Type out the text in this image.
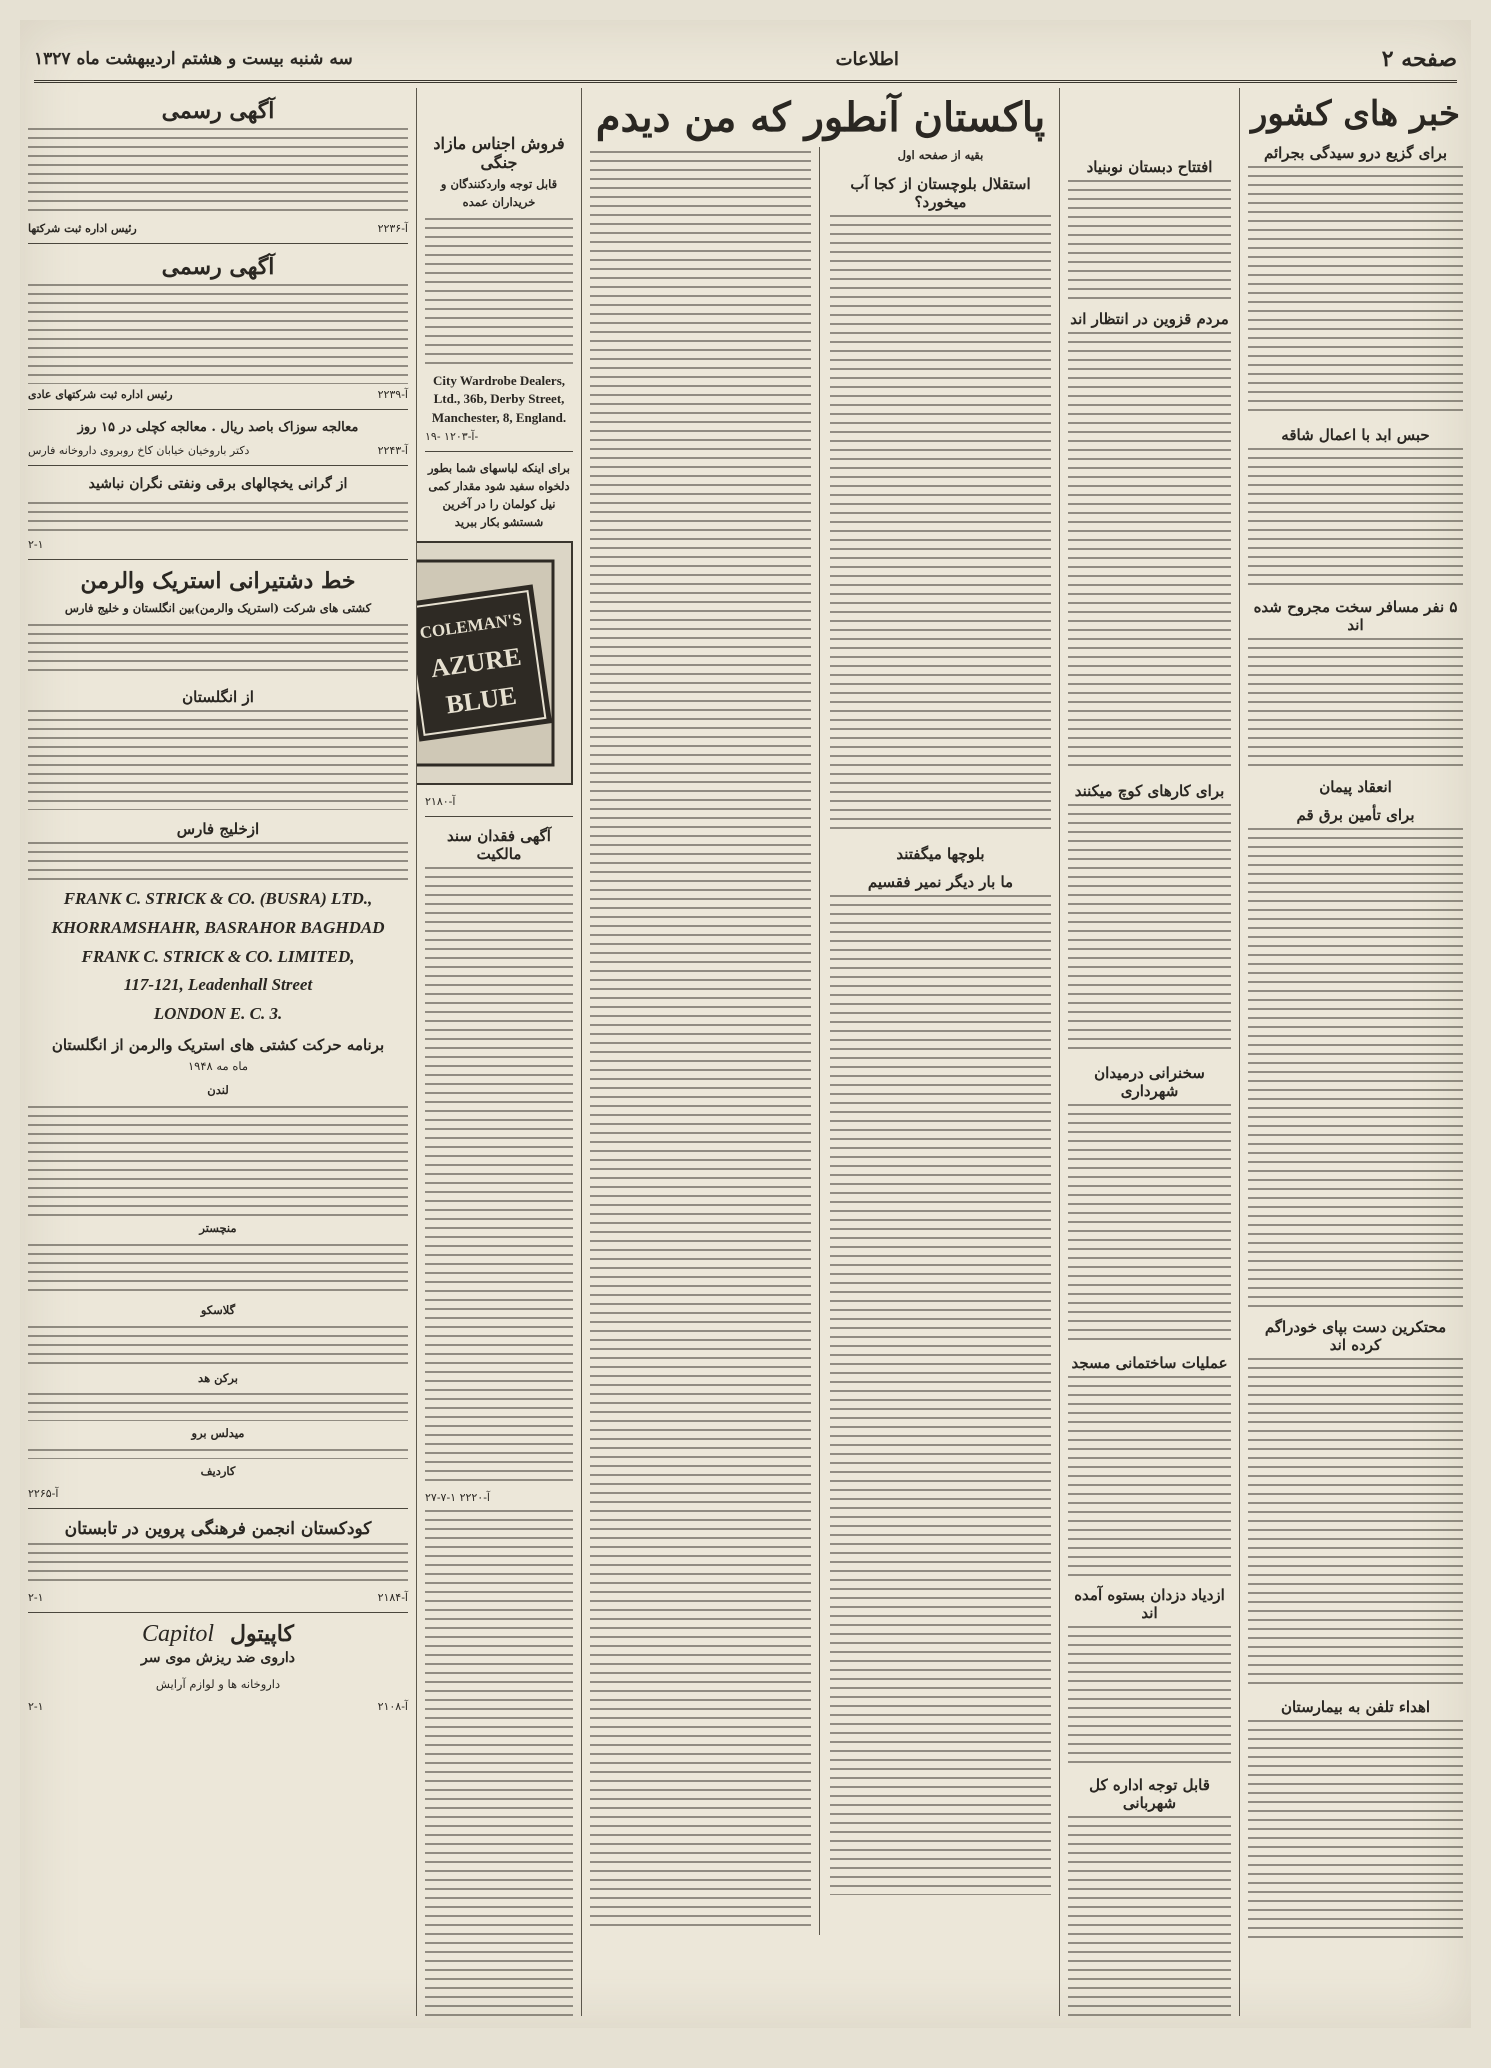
صفحه ۲
اطلاعات
سه شنبه بیست و هشتم اردیبهشت ماه ۱۳۲۷
خبر های کشور
برای گزیع درو سیدگی بجرائم
حبس ابد با اعمال شاقه
۵ نفر مسافر سخت مجروح شده اند
انعقاد پیمان
برای تأمین برق قم
محتکرین دست بپای خودراگم کرده اند
اهداء تلفن به بیمارستان
افتتاح دبستان نوبنیاد
مردم قزوین در انتظار اند
برای کارهای کوچ میکنند
سخنرانی درمیدان شهرداری
عملیات ساختمانی مسجد
ازدیاد دزدان بستوه آمده اند
قابل توجه اداره کل شهربانی
پاکستان آنطور که من دیدم
بقیه از صفحه اول
استقلال بلوچستان از کجا آب میخورد؟
بلوچها میگفتند
ما بار دیگر نمیر فقسیم
فروش اجناس مازاد جنگی
قابل توجه واردکنندگان و خریداران عمده
City Wardrobe Dealers, Ltd., 36b, Derby Street, Manchester, 8, England.
آ-۱۲۰۳ -۱۹-
برای اینکه لباسهای شما بطور دلخواه سفید شود مقدار کمی نیل کولمان را در آخرین شستشو بکار ببرید
COLEMAN'S
AZURE
BLUE
آ-۲۱۸۰
آگهی فقدان سند مالکیت
۲۷-۷-۱ آ-۲۲۲۰
آگهی رسمی
آ-۲۲۳۶
رئیس اداره ثبت شرکتها
آگهی رسمی
آ-۲۲۳۹
رئیس اداره ثبت شرکتهای عادی
معالجه سوزاک باصد ریال . معالجه کچلی در ۱۵ روز
آ-۲۲۴۳
دکتر باروخیان خیابان کاخ روبروی داروخانه فارس
از گرانی یخچالهای برقی ونفتی نگران نباشید
۲-۱
خط دشتیرانی استریک والرمن
کشتی های شرکت (استریک والرمن)بین انگلستان و خلیج فارس
از انگلستان
ازخلیج فارس
FRANK C. STRICK & CO. (BUSRA) LTD.,
KHORRAMSHAHR, BASRAHOR BAGHDAD
FRANK C. STRICK & CO. LIMITED,
117-121, Leadenhall Street
LONDON E. C. 3.
برنامه حرکت کشتی های استریک والرمن از انگلستان
ماه مه ۱۹۴۸
لندن
منچستر
گلاسکو
برکن هد
میدلس برو
کاردیف
آ-۲۲۶۵
کودکستان انجمن فرهنگی پروین در تابستان
آ-۲۱۸۴
۲-۱
کاپیتول
Capitol
داروی ضد ریزش موی سر
داروخانه ها و لوازم آرایش
آ-۲۱۰۸
۲-۱
